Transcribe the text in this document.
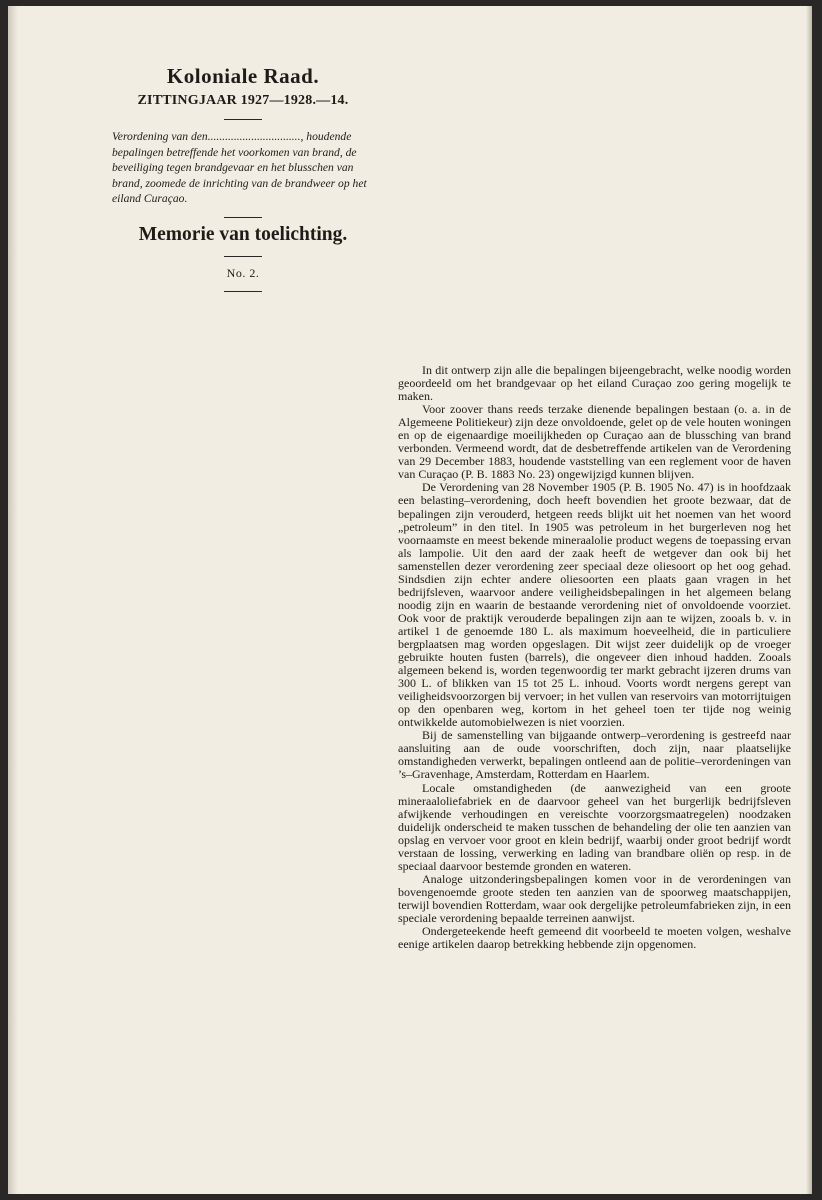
Koloniale Raad.
ZITTINGJAAR 1927—1928.—14.
Verordening van den................................, houdende bepalingen betreffende het voorkomen van brand, de beveiliging tegen brandgevaar en het blusschen van brand, zoomede de inrichting van de brandweer op het eiland Curaçao.
Memorie van toelichting.
No. 2.

In dit ontwerp zijn alle die bepalingen bijeengebracht, welke noodig worden geoordeeld om het brandgevaar op het eiland Curaçao zoo gering mogelijk te maken.

Voor zoover thans reeds terzake dienende bepalingen bestaan (o. a. in de Algemeene Politiekeur) zijn deze onvoldoende, gelet op de vele houten woningen en op de eigenaardige moeilijkheden op Curaçao aan de blussching van brand verbonden. Vermeend wordt, dat de desbetreffende artikelen van de Verordening van 29 December 1883, houdende vaststelling van een reglement voor de haven van Curaçao (P. B. 1883 No. 23) ongewijzigd kunnen blijven.

De Verordening van 28 November 1905 (P. B. 1905 No. 47) is in hoofdzaak een belasting–verordening, doch heeft bovendien het groote bezwaar, dat de bepalingen zijn verouderd, hetgeen reeds blijkt uit het noemen van het woord „petroleum” in den titel. In 1905 was petroleum in het burgerleven nog het voornaamste en meest bekende mineraalolie product wegens de toepassing ervan als lampolie. Uit den aard der zaak heeft de wetgever dan ook bij het samenstellen dezer verordening zeer speciaal deze oliesoort op het oog gehad. Sindsdien zijn echter andere oliesoorten een plaats gaan vragen in het bedrijfsleven, waarvoor andere veiligheidsbepalingen in het algemeen belang noodig zijn en waarin de bestaande verordening niet of onvoldoende voorziet. Ook voor de praktijk verouderde bepalingen zijn aan te wijzen, zooals b. v. in artikel 1 de genoemde 180 L. als maximum hoeveelheid, die in particuliere bergplaatsen mag worden opgeslagen. Dit wijst zeer duidelijk op de vroeger gebruikte houten fusten (barrels), die ongeveer dien inhoud hadden. Zooals algemeen bekend is, worden tegenwoordig ter markt gebracht ijzeren drums van 300 L. of blikken van 15 tot 25 L. inhoud. Voorts wordt nergens gerept van veiligheidsvoorzorgen bij vervoer; in het vullen van reservoirs van motorrijtuigen op den openbaren weg, kortom in het geheel toen ter tijde nog weinig ontwikkelde automobielwezen is niet voorzien.

Bij de samenstelling van bijgaande ontwerp–verordening is gestreefd naar aansluiting aan de oude voorschriften, doch zijn, naar plaatselijke omstandigheden verwerkt, bepalingen ontleend aan de politie–verordeningen van ’s–Gravenhage, Amsterdam, Rotterdam en Haarlem.

Locale omstandigheden (de aanwezigheid van een groote mineraaloliefabriek en de daarvoor geheel van het burgerlijk bedrijfsleven afwijkende verhoudingen en vereischte voorzorgsmaatregelen) noodzaken duidelijk onderscheid te maken tusschen de behandeling der olie ten aanzien van opslag en vervoer voor groot en klein bedrijf, waarbij onder groot bedrijf wordt verstaan de lossing, verwerking en lading van brandbare oliën op resp. in de speciaal daarvoor bestemde gronden en wateren.

Analoge uitzonderingsbepalingen komen voor in de verordeningen van bovengenoemde groote steden ten aanzien van de spoorweg maatschappijen, terwijl bovendien Rotterdam, waar ook dergelijke petroleumfabrieken zijn, in een speciale verordening bepaalde terreinen aanwijst.

Ondergeteekende heeft gemeend dit voorbeeld te moeten volgen, weshalve eenige artikelen daarop betrekking hebbende zijn opgenomen.
